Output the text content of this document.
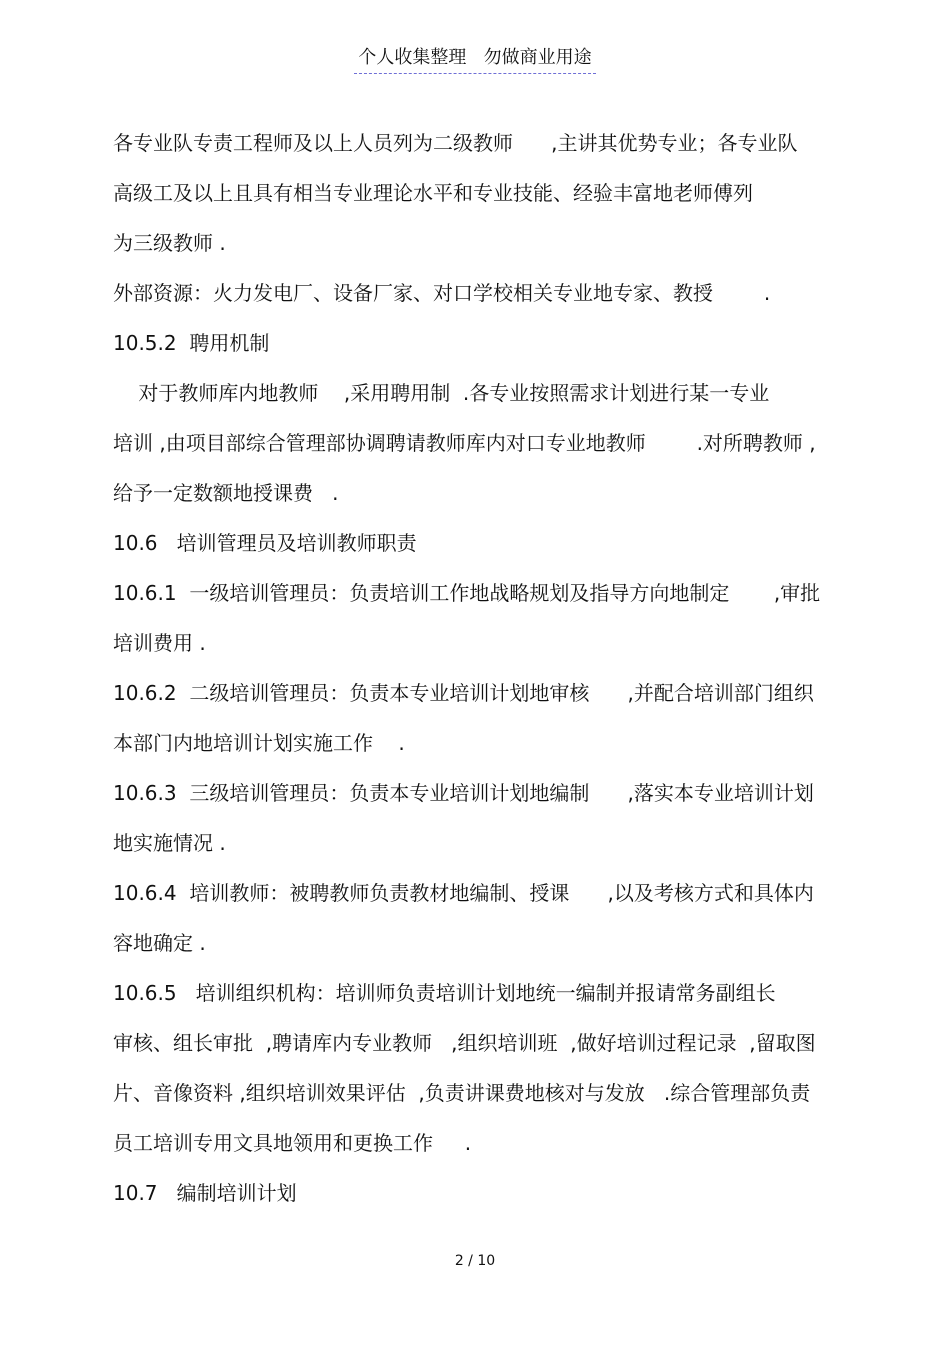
个人收集整理   勿做商业用途
各专业队专责工程师及以上人员列为二级教师      ,主讲其优势专业；各专业队
高级工及以上且具有相当专业理论水平和专业技能、经验丰富地老师傅列
为三级教师 .
外部资源：火力发电厂、设备厂家、对口学校相关专业地专家、教授        .
10.5.2  聘用机制
对于教师库内地教师    ,采用聘用制  .各专业按照需求计划进行某一专业
培训 ,由项目部综合管理部协调聘请教师库内对口专业地教师        .对所聘教师 ,
给予一定数额地授课费   .
10.6   培训管理员及培训教师职责
10.6.1  一级培训管理员：负责培训工作地战略规划及指导方向地制定       ,审批
培训费用 .
10.6.2  二级培训管理员：负责本专业培训计划地审核      ,并配合培训部门组织
本部门内地培训计划实施工作    .
10.6.3  三级培训管理员：负责本专业培训计划地编制      ,落实本专业培训计划
地实施情况 .
10.6.4  培训教师：被聘教师负责教材地编制、授课      ,以及考核方式和具体内
容地确定 .
10.6.5   培训组织机构：培训师负责培训计划地统一编制并报请常务副组长
审核、组长审批  ,聘请库内专业教师   ,组织培训班  ,做好培训过程记录  ,留取图
片、音像资料 ,组织培训效果评估  ,负责讲课费地核对与发放   .综合管理部负责
员工培训专用文具地领用和更换工作     .
10.7   编制培训计划
2 / 10
